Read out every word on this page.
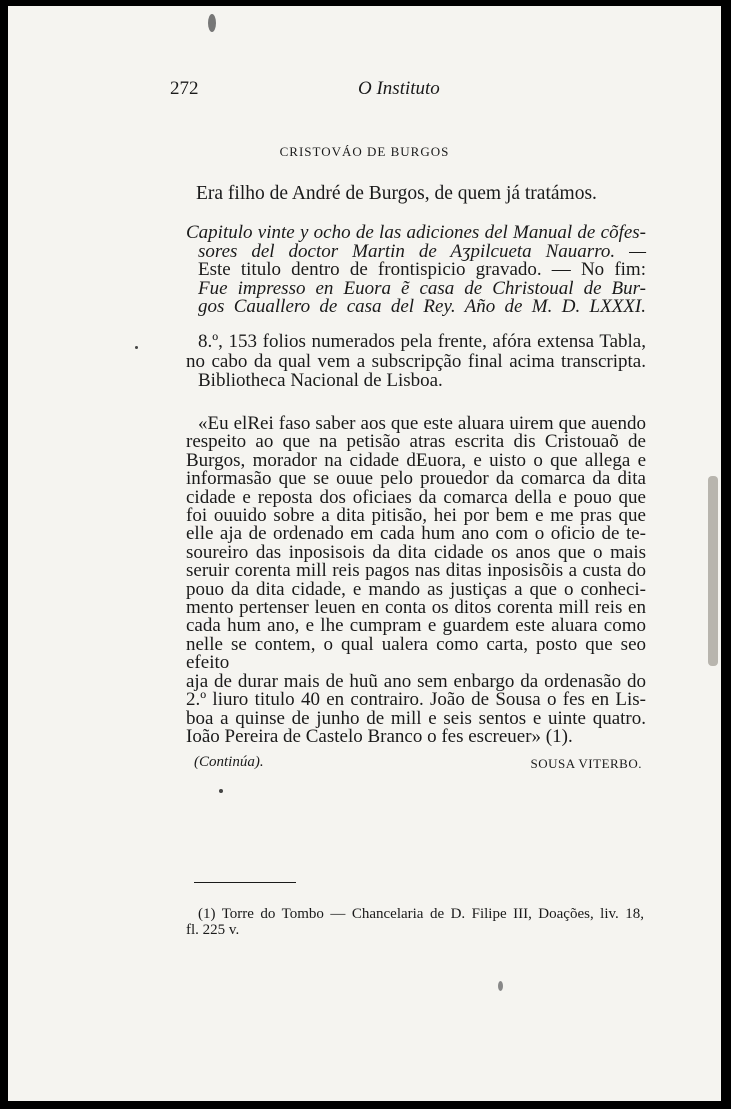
272	O Instituto
CRISTOVÁO DE BURGOS
Era filho de André de Burgos, de quem já tratámos.
Capitulo vinte y ocho de las adiciones del Manual de cõfes-
sores del doctor Martin de Aʒpilcueta Nauarro. —
Este titulo dentro de frontispicio gravado. — No fim:
Fue impresso en Euora ẽ casa de Christoual de Bur-
gos Cauallero de casa del Rey. Año de M. D. LXXXI.
8.º, 153 folios numerados pela frente, afóra extensa Tabla,
no cabo da qual vem a subscripção final acima transcripta.
Bibliotheca Nacional de Lisboa.
«Eu elRei faso saber aos que este aluara uirem que auendo
respeito ao que na petisão atras escrita dis Cristouaõ de
Burgos, morador na cidade dEuora, e uisto o que allega e
informasão que se ouue pelo prouedor da comarca da dita
cidade e reposta dos oficiaes da comarca della e pouo que
foi ouuido sobre a dita pitisão, hei por bem e me pras que
elle aja de ordenado em cada hum ano com o oficio de te-
soureiro das inposisois da dita cidade os anos que o mais
seruir corenta mill reis pagos nas ditas inposisõis a custa do
pouo da dita cidade, e mando as justiças a que o conheci-
mento pertenser leuen en conta os ditos corenta mill reis en
cada hum ano, e lhe cumpram e guardem este aluara como
nelle se contem, o qual ualera como carta, posto que seo efeito
aja de durar mais de huũ ano sem enbargo da ordenasão do
2.º liuro titulo 40 en contrairo. João de Sousa o fes en Lis-
boa a quinse de junho de mill e seis sentos e uinte quatro.
Ioão Pereira de Castelo Branco o fes escreuer» (1).
(Continúa).	SOUSA VITERBO.
(1) Torre do Tombo — Chancelaria de D. Filipe III, Doações, liv. 18,
fl. 225 v.
